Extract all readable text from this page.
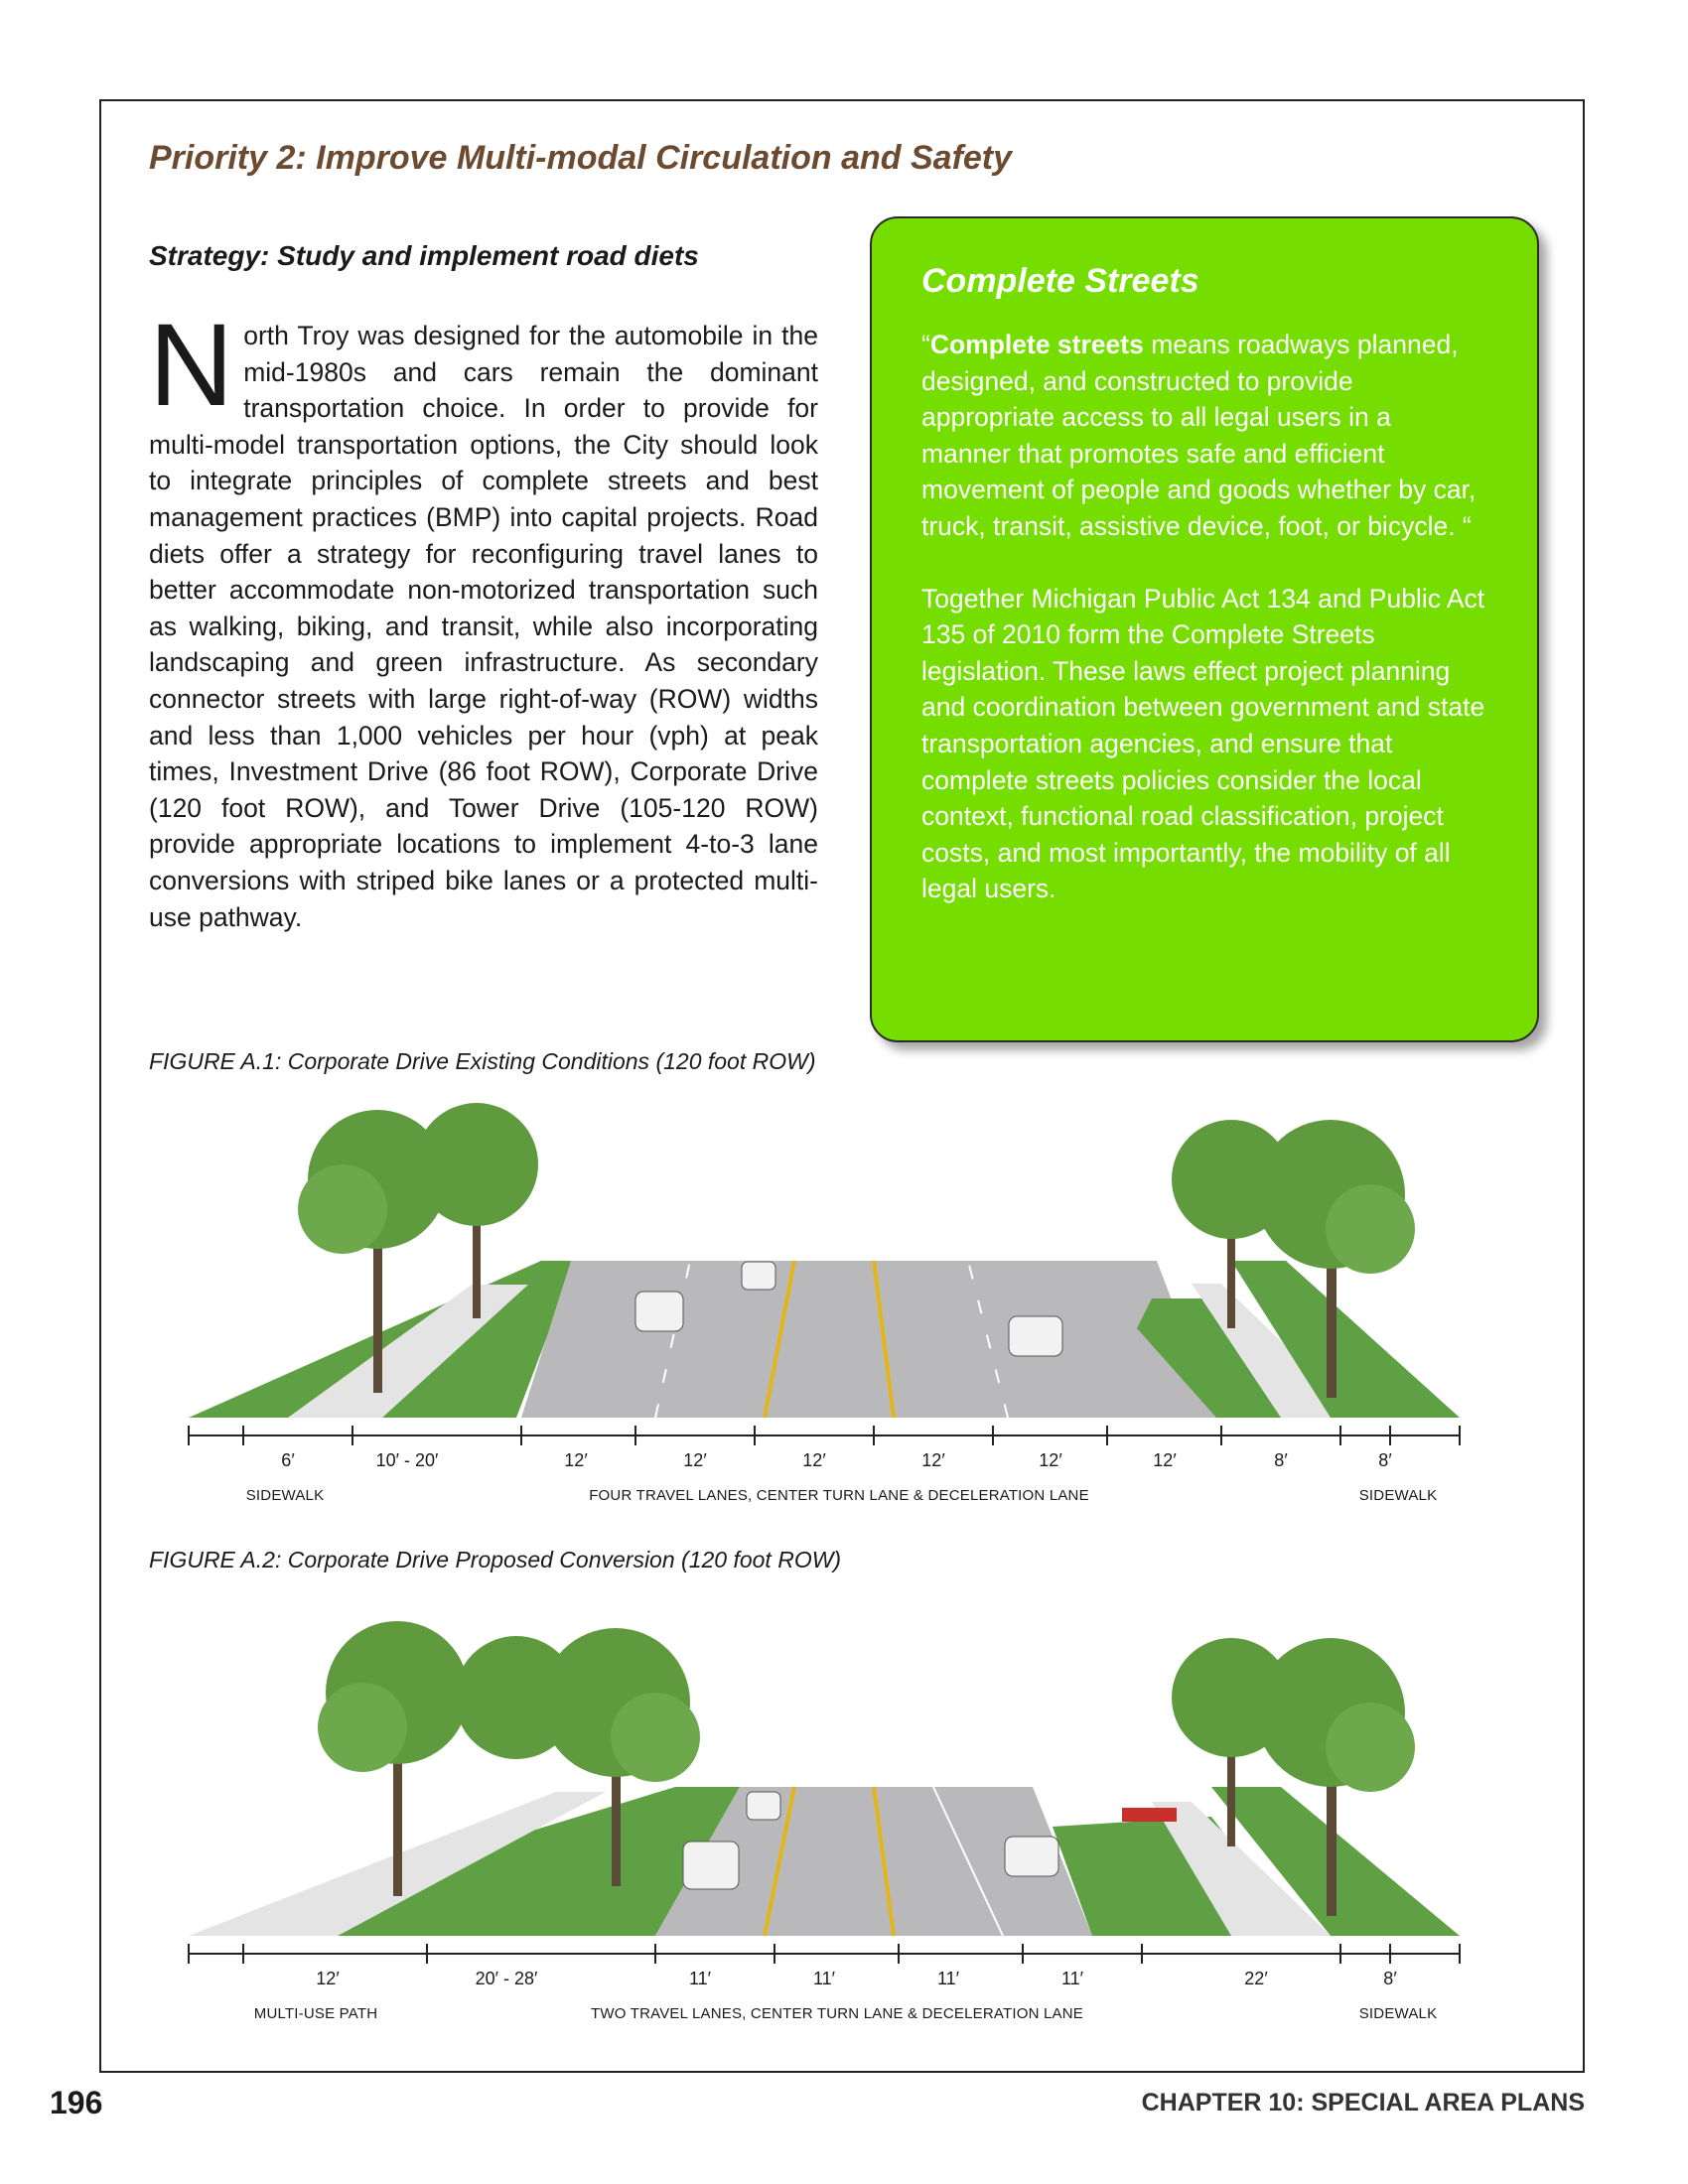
Priority 2: Improve Multi-modal Circulation and Safety
Strategy: Study and implement road diets

North Troy was designed for the automobile in the mid-1980s and cars remain the dominant transportation choice. In order to provide for multi-model transportation options, the City should look to integrate principles of complete streets and best management practices (BMP) into capital projects. Road diets offer a strategy for reconfiguring travel lanes to better accommodate non-motorized transportation such as walking, biking, and transit, while also incorporating landscaping and green infrastructure. As secondary connector streets with large right-of-way (ROW) widths and less than 1,000 vehicles per hour (vph) at peak times, Investment Drive (86 foot ROW), Corporate Drive (120 foot ROW), and Tower Drive (105-120 ROW) provide appropriate locations to implement 4-to-3 lane conversions with striped bike lanes or a protected multi-use pathway.

Complete Streets

“Complete streets means roadways planned, designed, and constructed to provide appropriate access to all legal users in a manner that promotes safe and efficient movement of people and goods whether by car, truck, transit, assistive device, foot, or bicycle. “

Together Michigan Public Act 134 and Public Act 135 of 2010 form the Complete Streets legislation. These laws effect project planning and coordination between government and state transportation agencies, and ensure that complete streets policies consider the local context, functional road classification, project costs, and most importantly, the mobility of all legal users.

FIGURE A.1: Corporate Drive Existing Conditions (120 foot ROW)

6′	10′ - 20′	12′	12′	12′	12′	12′	12′	8′	8′
SIDEWALK	FOUR TRAVEL LANES, CENTER TURN LANE & DECELERATION LANE	SIDEWALK

FIGURE A.2: Corporate Drive Proposed Conversion (120 foot ROW)

12′	20′ - 28′	11′	11′	11′	11′	22′	8′
MULTI-USE PATH	TWO TRAVEL LANES, CENTER TURN LANE & DECELERATION LANE	SIDEWALK

196	CHAPTER 10: SPECIAL AREA PLANS
